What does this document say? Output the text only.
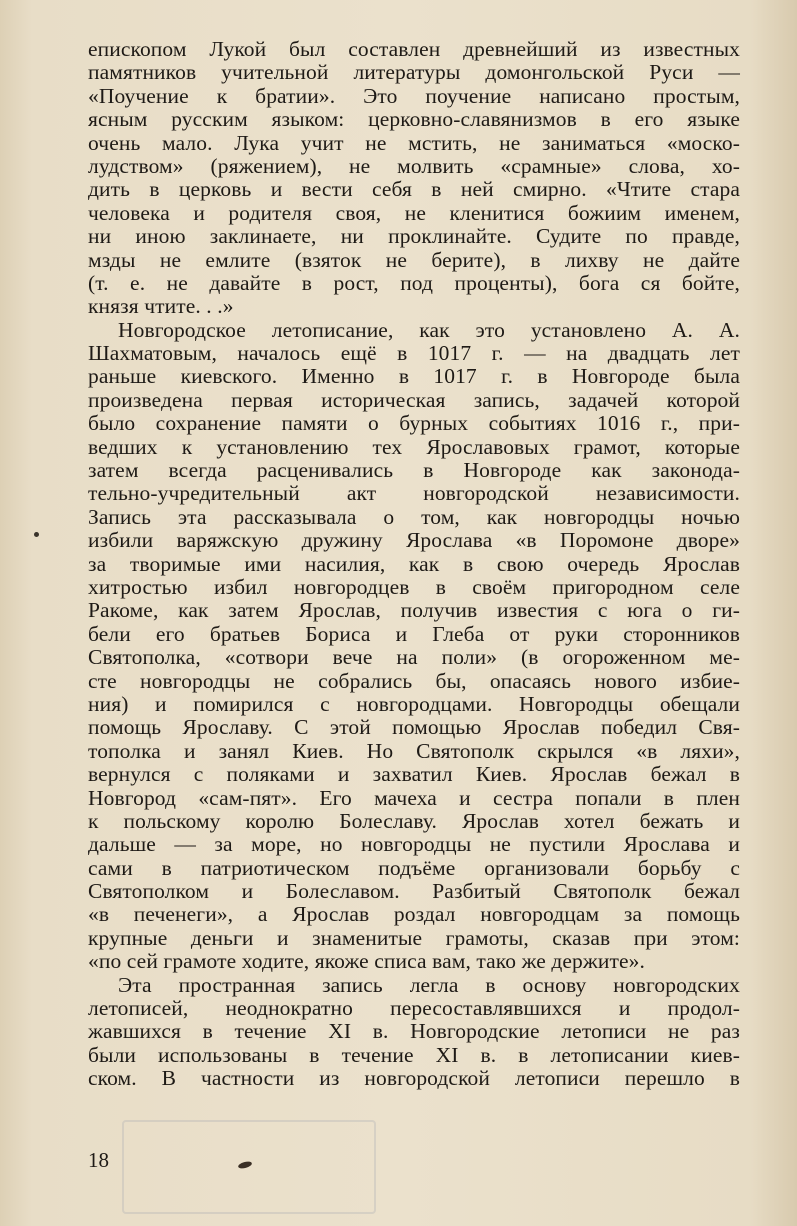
епископом Лукой был составлен древнейший из известных
памятников учительной литературы домонгольской Руси —
«Поучение к братии». Это поучение написано простым,
ясным русским языком: церковно-славянизмов в его языке
очень мало. Лука учит не мстить, не заниматься «моско-
лудством» (ряжением), не молвить «срамные» слова, хо-
дить в церковь и вести себя в ней смирно. «Чтите стара
человека и родителя своя, не кленитися божиим именем,
ни иною заклинаете, ни проклинайте. Судите по правде,
мзды не емлите (взяток не берите), в лихву не дайте
(т. е. не давайте в рост, под проценты), бога ся бойте,
князя чтите. . .»
Новгородское летописание, как это установлено А. А.
Шахматовым, началось ещё в 1017 г. — на двадцать лет
раньше киевского. Именно в 1017 г. в Новгороде была
произведена первая историческая запись, задачей которой
было сохранение памяти о бурных событиях 1016 г., при-
ведших к установлению тех Ярославовых грамот, которые
затем всегда расценивались в Новгороде как законода-
тельно-учредительный акт новгородской независимости.
Запись эта рассказывала о том, как новгородцы ночью
избили варяжскую дружину Ярослава «в Поромоне дворе»
за творимые ими насилия, как в свою очередь Ярослав
хитростью избил новгородцев в своём пригородном селе
Ракоме, как затем Ярослав, получив известия с юга о ги-
бели его братьев Бориса и Глеба от руки сторонников
Святополка, «сотвори вече на поли» (в огороженном ме-
сте новгородцы не собрались бы, опасаясь нового избие-
ния) и помирился с новгородцами. Новгородцы обещали
помощь Ярославу. С этой помощью Ярослав победил Свя-
тополка и занял Киев. Но Святополк скрылся «в ляхи»,
вернулся с поляками и захватил Киев. Ярослав бежал в
Новгород «сам-пят». Его мачеха и сестра попали в плен
к польскому королю Болеславу. Ярослав хотел бежать и
дальше — за море, но новгородцы не пустили Ярослава и
сами в патриотическом подъёме организовали борьбу с
Святополком и Болеславом. Разбитый Святополк бежал
«в печенеги», а Ярослав роздал новгородцам за помощь
крупные деньги и знаменитые грамоты, сказав при этом:
«по сей грамоте ходите, якоже списа вам, тако же держите».
Эта пространная запись легла в основу новгородских
летописей, неоднократно пересоставлявшихся и продол-
жавшихся в течение XI в. Новгородские летописи не раз
были использованы в течение XI в. в летописании киев-
ском. В частности из новгородской летописи перешло в
18
